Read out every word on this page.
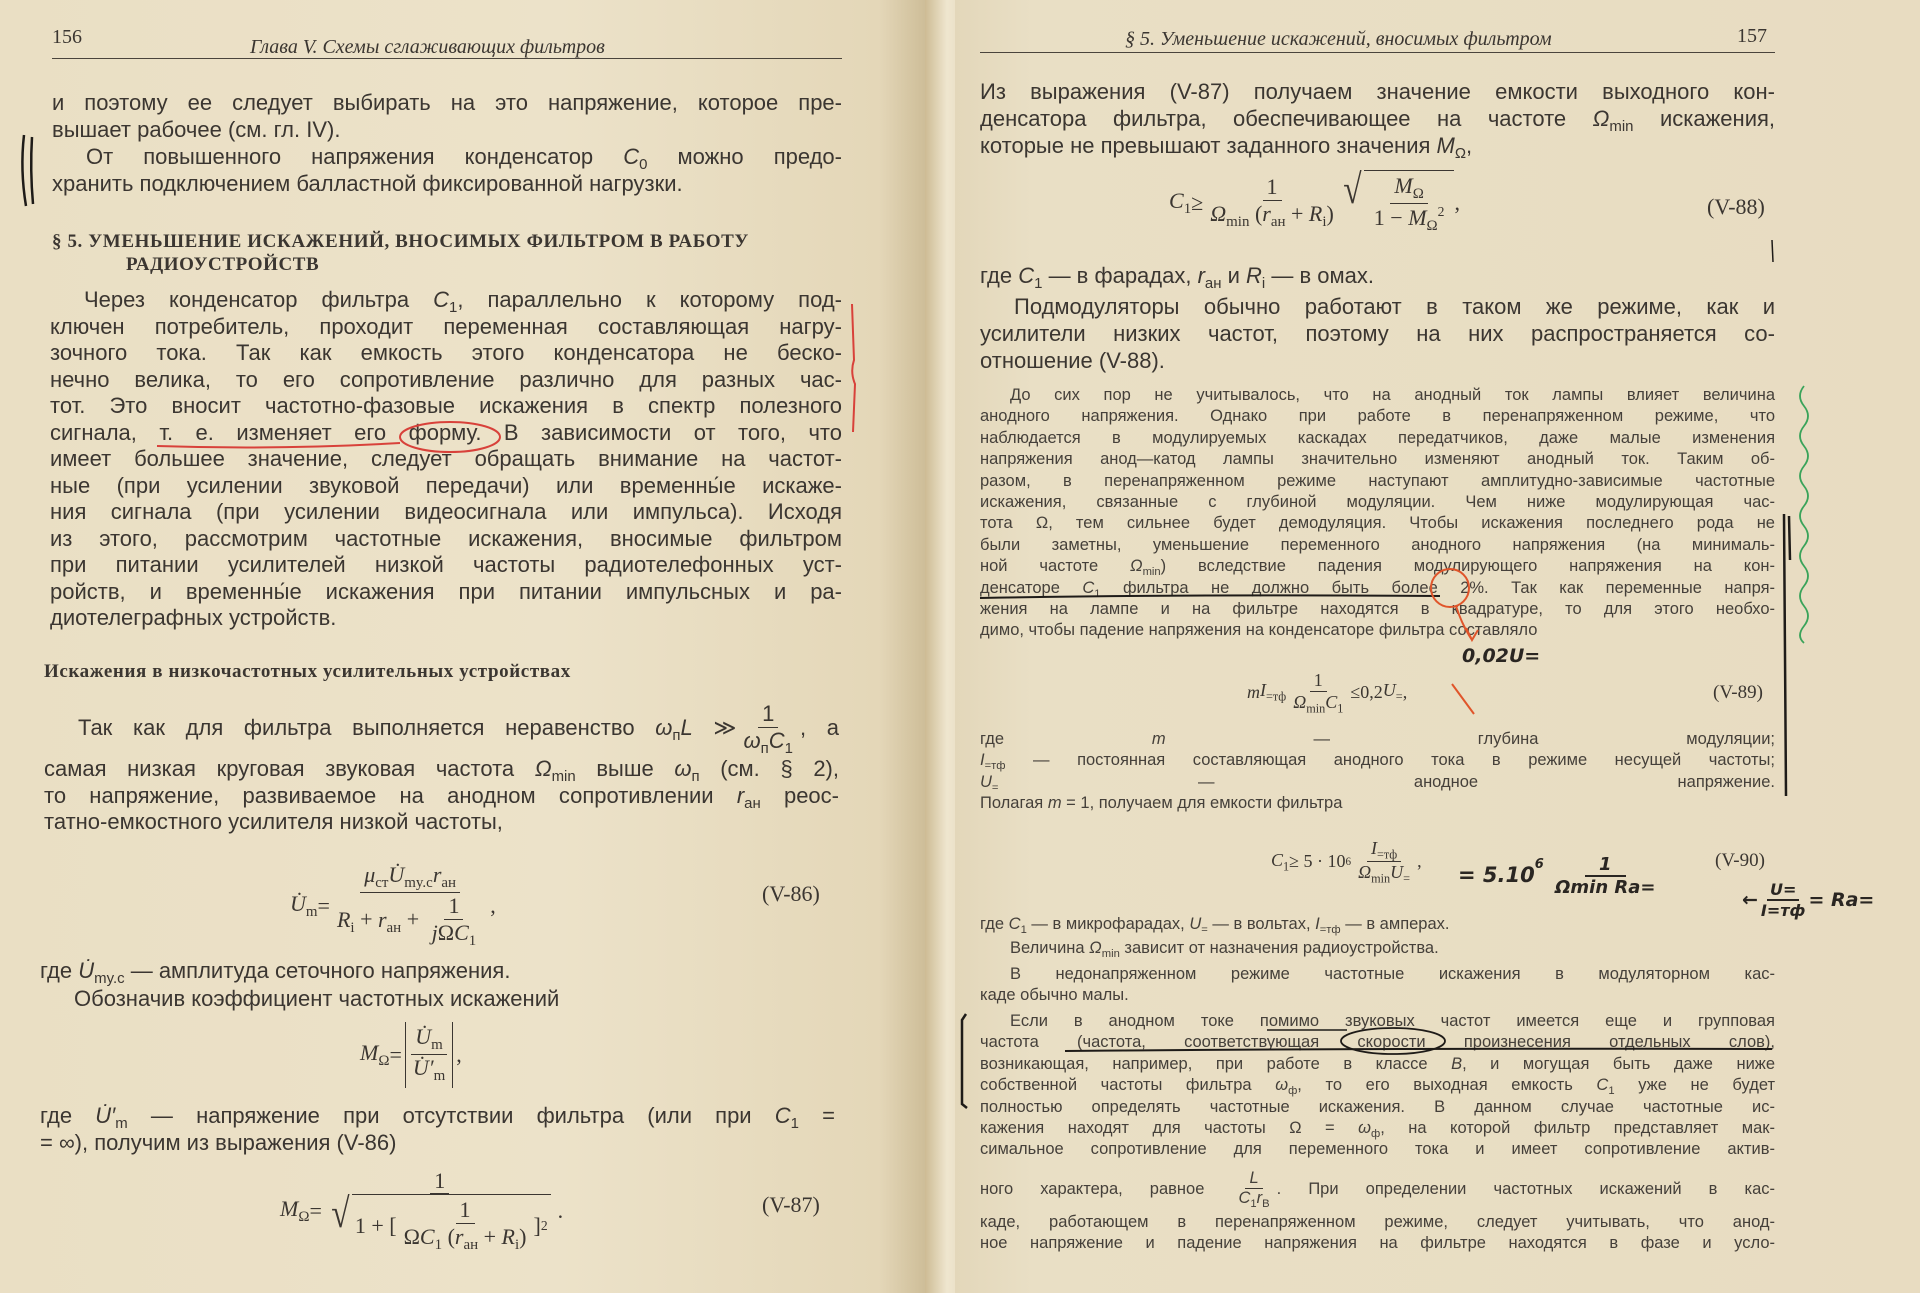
156	Глава V. Схемы сглаживающих фильтров
и поэтому ее следует выбирать на это напряжение, которое пре-
вышает рабочее (см. гл. IV).
От повышенного напряжения конденсатор $C_0$ можно предо-
хранить подключением балластной фиксированной нагрузки.
§ 5. УМЕНЬШЕНИЕ ИСКАЖЕНИЙ, ВНОСИМЫХ ФИЛЬТРОМ В РАБОТУ
РАДИОУСТРОЙСТВ
Через конденсатор фильтра $C_1$, параллельно к которому под-
ключен потребитель, проходит переменная составляющая нагру-
зочного тока. Так как емкость этого конденсатора не беско-
нечно велика, то его сопротивление различно для разных час-
тот. Это вносит частотно-фазовые искажения в спектр полезного
сигнала, т. е. изменяет его форму. В зависимости от того, что
имеет большее значение, следует обращать внимание на частот-
ные (при усилении звуковой передачи) или временны́е искаже-
ния сигнала (при усилении видеосигнала или импульса). Исходя
из этого, рассмотрим частотные искажения, вносимые фильтром
при питании усилителей низкой частоты радиотелефонных уст-
ройств, и временны́е искажения при питании импульсных и ра-
диотелеграфных устройств.
Искажения в низкочастотных усилительных устройствах
Так как для фильтра выполняется неравенство $\omega_пL$ ≫ $\frac{1}{\omega_пC_1}$ , а
самая низкая круговая звуковая частота $\Omega_{min}$ выше $\omega_п$ (см. § 2),
то напряжение, развиваемое на анодном сопротивлении $r_{ан}$ реос-
татно-емкостного усилителя низкой частоты,
где $U̇_{my.c}$ — амплитуда сеточного напряжения.
Обозначив коэффициент частотных искажений
где $U̇'_m$ — напряжение при отсутствии фильтра (или при $C_1$ =
= ∞), получим из выражения (V-86)
$U̇_m = \frac{\mu_{ст}U̇_{my.c}r_{ан}}{R_i + r_{ан} + \frac{1}{j\Omega C_1}}$ ,	(V-86)
$M_\Omega = \frac{U̇_m}{U̇'_m}$ ,
$M_\Omega = \frac{1}{√ 1 + [ \frac{1}{\Omega C_1 (r_{ан} + R_i)} ] 2}$ .	(V-87)
§ 5. Уменьшение искажений, вносимых фильтром	157
Из выражения (V-87) получаем значение емкости выходного кон-
денсатора фильтра, обеспечивающее на частоте $\Omega_{min}$ искажения,
которые не превышают заданного значения $M_\Omega$,
где $C_1$ — в фарадах, $r_{ан}$ и $R_i$ — в омах.
Подмодуляторы обычно работают в таком же режиме, как и
усилители низких частот, поэтому на них распространяется со-
отношение (V-88).
До сих пор не учитывалось, что на анодный ток лампы влияет величина
анодного напряжения. Однако при работе в перенапряженном режиме, что
наблюдается в модулируемых каскадах передатчиков, даже малые изменения
напряжения анод—катод лампы значительно изменяют анодный ток. Таким об-
разом, в перенапряженном режиме наступают амплитудно-зависимые частотные
искажения, связанные с глубиной модуляции. Чем ниже модулирующая час-
тота Ω, тем сильнее будет демодуляция. Чтобы искажения последнего рода не
были заметны, уменьшение переменного анодного напряжения (на минималь-
ной частоте $\Omega_{min}$) вследствие падения модулирующего напряжения на кон-
денсаторе $C_1$ фильтра не должно быть более 2%. Так как переменные напря-
жения на лампе и на фильтре находятся в квадратуре, то для этого необхо-
димо, чтобы падение напряжения на конденсаторе фильтра составляло
где m — глубина модуляции;
$I_{=тф}$ — постоянная составляющая анодного тока в режиме несущей частоты;
$U_=$ — анодное напряжение.
Полагая m = 1, получаем для емкости фильтра
где $C_1$ — в микрофарадах, $U_=$ — в вольтах, $I_{=тф}$ — в амперах.
Величина $\Omega_{min}$ зависит от назначения радиоустройства.
В недонапряженном режиме частотные искажения в модуляторном кас-
каде обычно малы.
Если в анодном токе помимо звуковых частот имеется еще и групповая
частота (частота, соответствующая скорости произнесения отдельных слов),
возникающая, например, при работе в классе B, и могущая быть даже ниже
собственной частоты фильтра $\omega_ф$, то его выходная емкость $C_1$ уже не будет
полностью определять частотные искажения. В данном случае частотные ис-
кажения находят для частоты $\Omega = \omega_ф$, на которой фильтр представляет мак-
симальное сопротивление для переменного тока и имеет сопротивление актив-
ного характера, равное $\frac{L}{C_1r_B}$ . При определении частотных искажений в кас-
каде, работающем в перенапряженном режиме, следует учитывать, что анод-
ное напряжение и падение напряжения на фильтре находятся в фазе и усло-
$C_1 \ge \frac{1}{\Omega_{min} (r_{ан} + R_i)}$ √ $\frac{M_\Omega}{1 - M_\Omega^2}$ ,	(V-88)
m $I_{=тф} \frac{1}{\Omega_{min}C_1} \le 0,2$ $U_=$ ,	(V-89)
$C_1 \ge 5 \cdot 10$ $6 \frac{I_{=тф}}{\Omega_{min}U_=}$ ,	(V-90)
0,02U=
= $5.10^6$	1
Ωmin Ra=
← U=
I=тф = Ra=
